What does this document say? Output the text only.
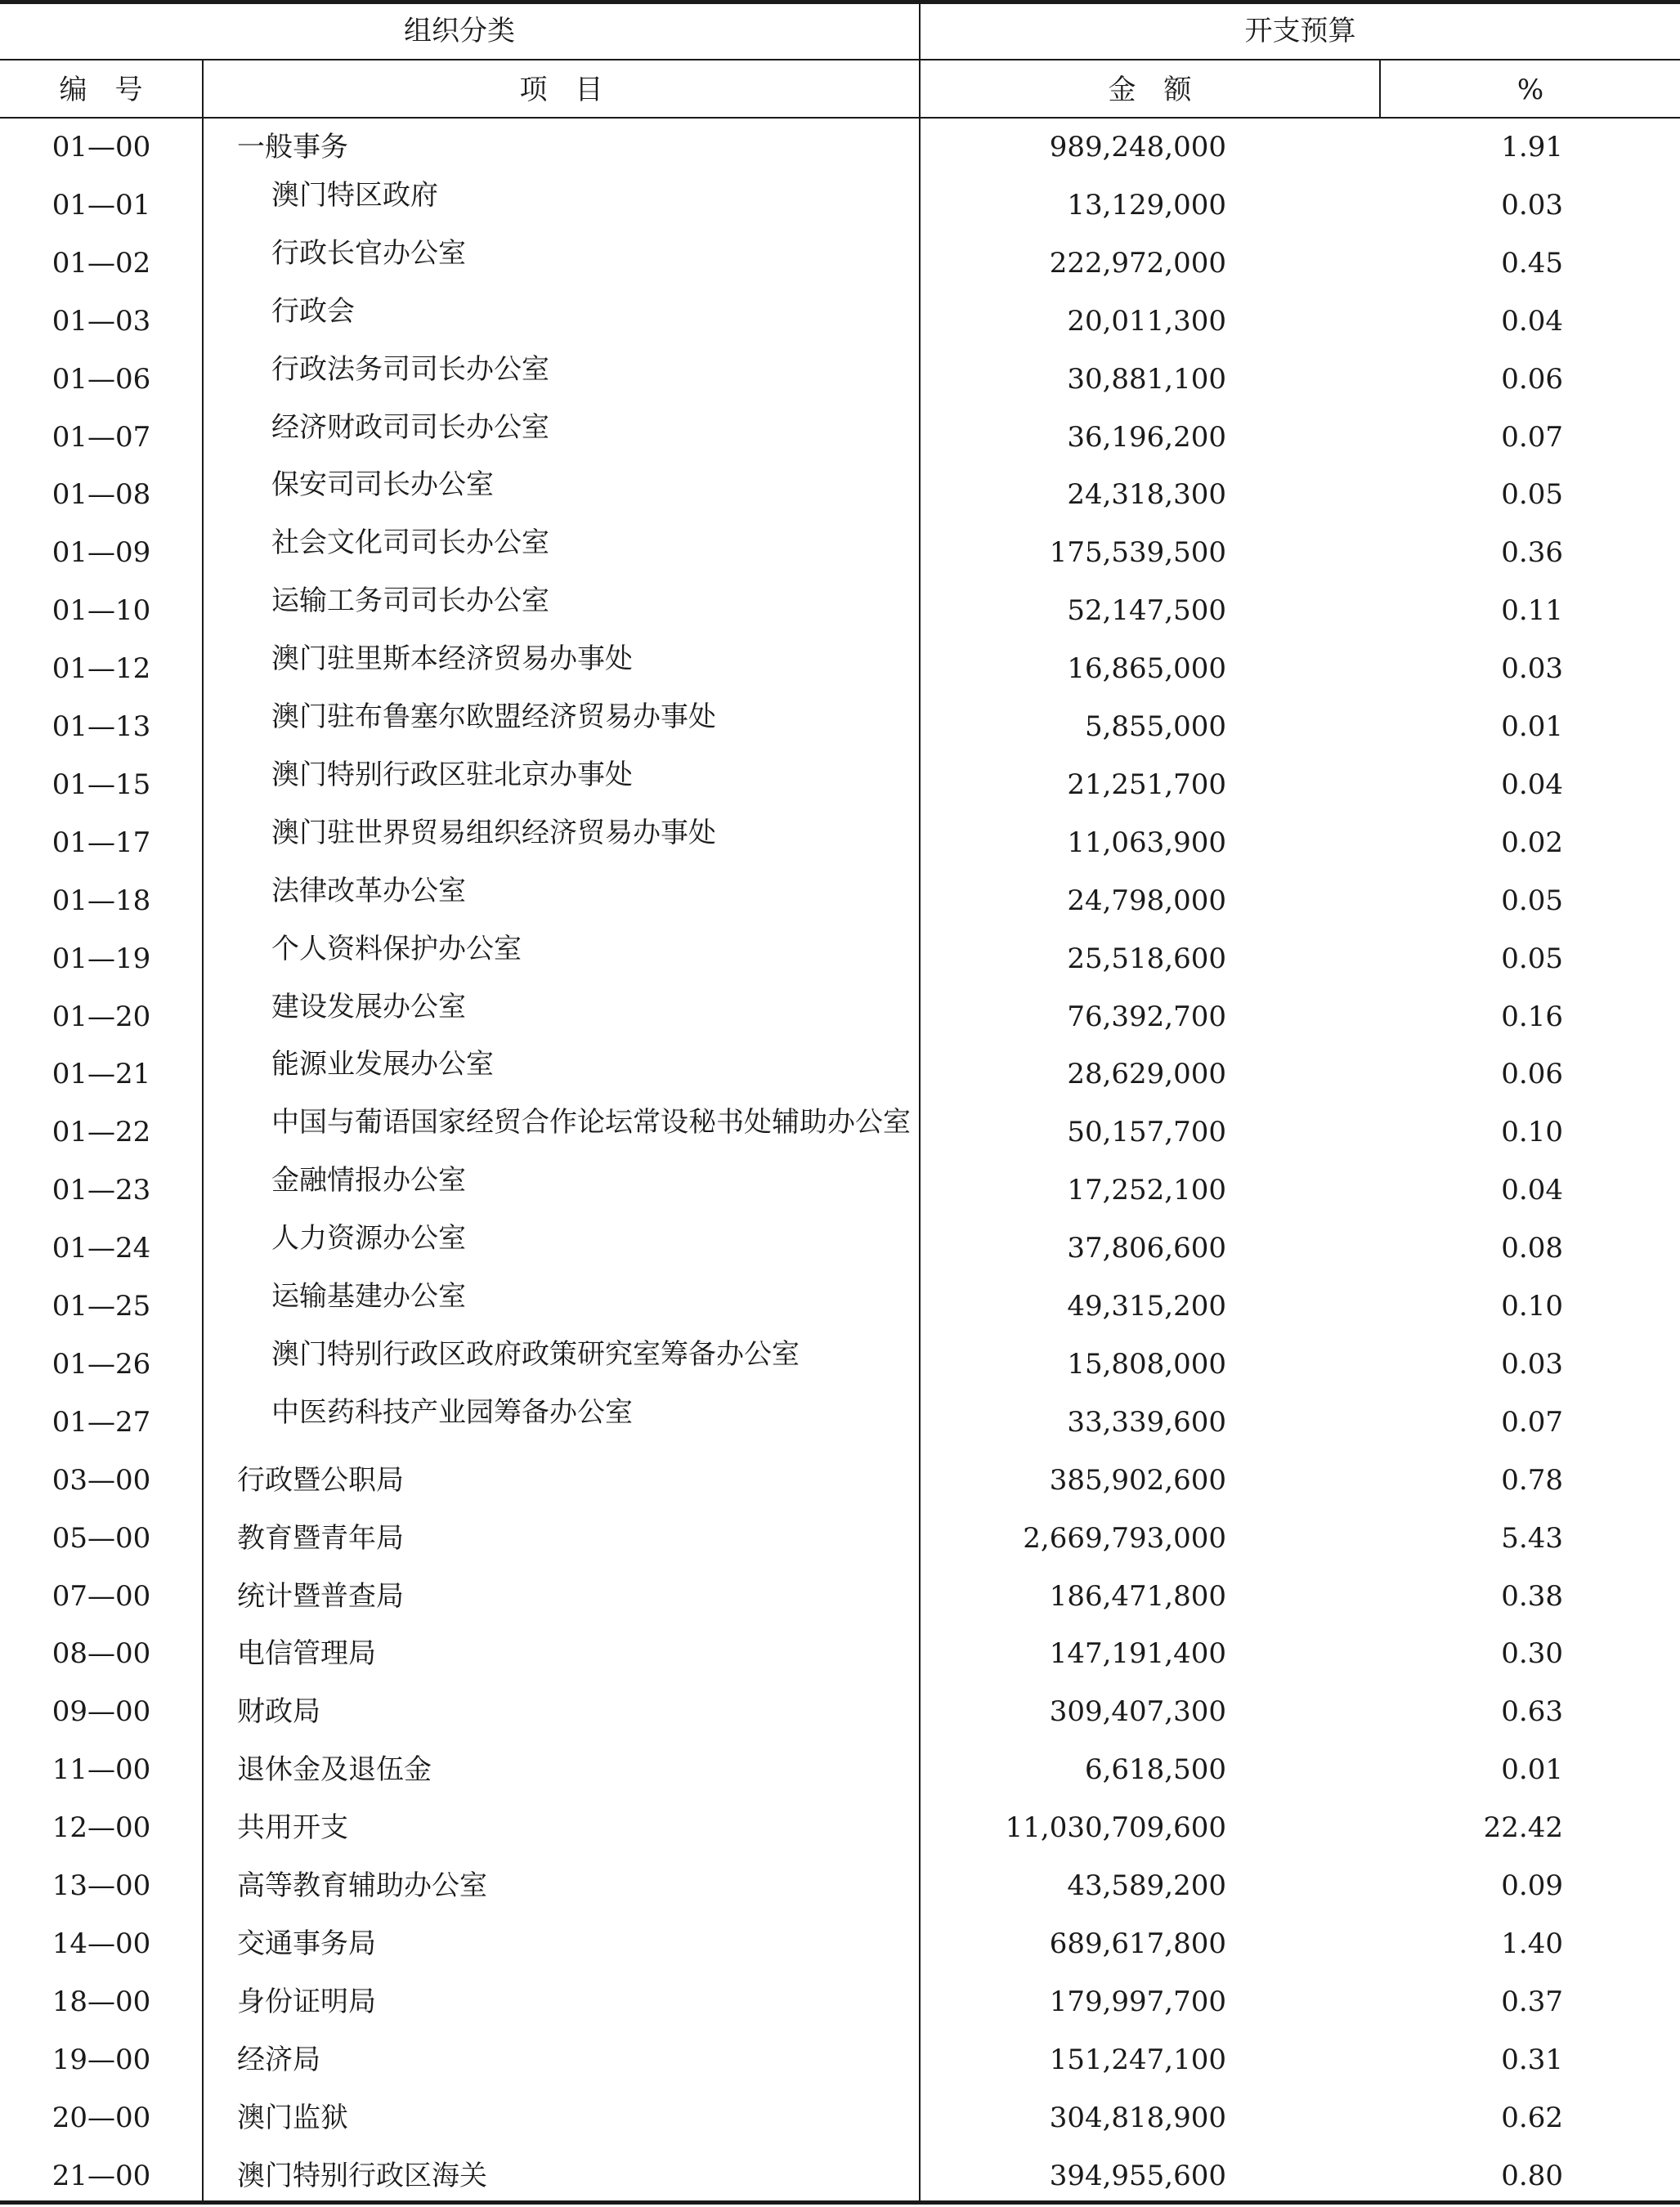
组织分类	开支预算
编　号	项　目	金　额	%
01—00	一般事务	989,248,000	1.91
01—01	澳门特区政府	13,129,000	0.03
01—02	行政长官办公室	222,972,000	0.45
01—03	行政会	20,011,300	0.04
01—06	行政法务司司长办公室	30,881,100	0.06
01—07	经济财政司司长办公室	36,196,200	0.07
01—08	保安司司长办公室	24,318,300	0.05
01—09	社会文化司司长办公室	175,539,500	0.36
01—10	运输工务司司长办公室	52,147,500	0.11
01—12	澳门驻里斯本经济贸易办事处	16,865,000	0.03
01—13	澳门驻布鲁塞尔欧盟经济贸易办事处	5,855,000	0.01
01—15	澳门特别行政区驻北京办事处	21,251,700	0.04
01—17	澳门驻世界贸易组织经济贸易办事处	11,063,900	0.02
01—18	法律改革办公室	24,798,000	0.05
01—19	个人资料保护办公室	25,518,600	0.05
01—20	建设发展办公室	76,392,700	0.16
01—21	能源业发展办公室	28,629,000	0.06
01—22	中国与葡语国家经贸合作论坛常设秘书处辅助办公室	50,157,700	0.10
01—23	金融情报办公室	17,252,100	0.04
01—24	人力资源办公室	37,806,600	0.08
01—25	运输基建办公室	49,315,200	0.10
01—26	澳门特别行政区政府政策研究室筹备办公室	15,808,000	0.03
01—27	中医药科技产业园筹备办公室	33,339,600	0.07
03—00	行政暨公职局	385,902,600	0.78
05—00	教育暨青年局	2,669,793,000	5.43
07—00	统计暨普查局	186,471,800	0.38
08—00	电信管理局	147,191,400	0.30
09—00	财政局	309,407,300	0.63
11—00	退休金及退伍金	6,618,500	0.01
12—00	共用开支	11,030,709,600	22.42
13—00	高等教育辅助办公室	43,589,200	0.09
14—00	交通事务局	689,617,800	1.40
18—00	身份证明局	179,997,700	0.37
19—00	经济局	151,247,100	0.31
20—00	澳门监狱	304,818,900	0.62
21—00	澳门特别行政区海关	394,955,600	0.80
